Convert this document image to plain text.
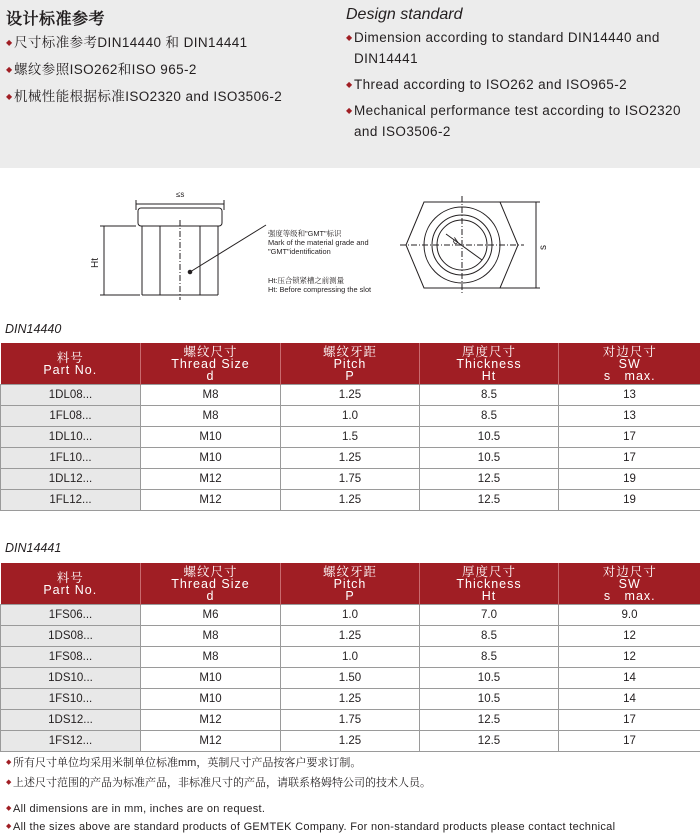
设计标准参考
◆ 尺寸标准参考DIN14440 和 DIN14441
◆ 螺纹参照ISO262和ISO 965-2
◆ 机械性能根据标准ISO2320 and ISO3506-2
Design standard
◆ Dimension according to standard DIN14440 and DIN14441
◆ Thread according to ISO262 and ISO965-2
◆ Mechanical performance test according to ISO2320 and ISO3506-2
≤s
Ht
d
s
强度等级和"GMT"标识
Mark of the material grade and
"GMT"identification
Ht:压合锁紧槽之前测量
Ht: Before compressing the slot
DIN14440
料号
Part No.	螺纹尺寸
Thread Size
d	螺纹牙距
Pitch
P	厚度尺寸
Thickness
Ht	对边尺寸
SW
s   max.

1DL08...	M8	1.25	8.5	13
1FL08...	M8	1.0	8.5	13
1DL10...	M10	1.5	10.5	17
1FL10...	M10	1.25	10.5	17
1DL12...	M12	1.75	12.5	19
1FL12...	M12	1.25	12.5	19
DIN14441
料号
Part No.	螺纹尺寸
Thread Size
d	螺纹牙距
Pitch
P	厚度尺寸
Thickness
Ht	对边尺寸
SW
s   max.

1FS06...	M6	1.0	7.0	9.0
1DS08...	M8	1.25	8.5	12
1FS08...	M8	1.0	8.5	12
1DS10...	M10	1.50	10.5	14
1FS10...	M10	1.25	10.5	14
1DS12...	M12	1.75	12.5	17
1FS12...	M12	1.25	12.5	17
◆ 所有尺寸单位均采用米制单位标准mm，英制尺寸产品按客户要求订制。
◆ 上述尺寸范围的产品为标准产品，非标准尺寸的产品，请联系格姆特公司的技术人员。
◆ All dimensions are in mm, inches are on request.
◆ All the sizes above are standard products of GEMTEK Company. For non-standard products please contact technical
